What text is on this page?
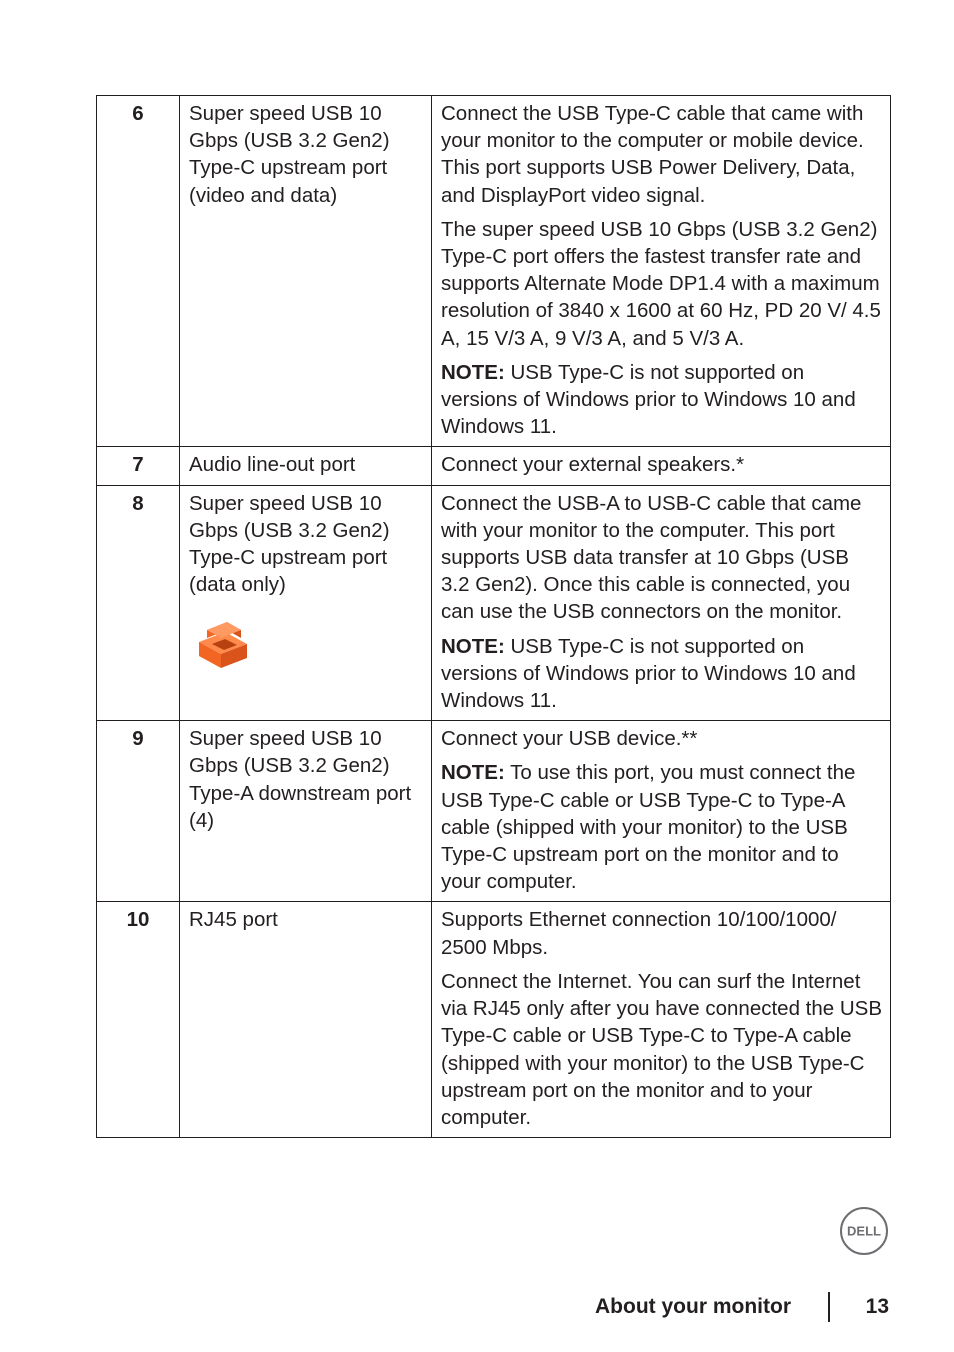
6	Super speed USB 10 Gbps (USB 3.2 Gen2) Type-C upstream port (video and data)	Connect the USB Type-C cable that came with your monitor to the computer or mobile device. This port supports USB Power Delivery, Data, and DisplayPort video signal.

The super speed USB 10 Gbps (USB 3.2 Gen2) Type-C port offers the fastest transfer rate and supports Alternate Mode DP1.4 with a maximum resolution of 3840 x 1600 at 60 Hz, PD 20 V/ 4.5 A, 15 V/3 A, 9 V/3 A, and 5 V/3 A.

NOTE: USB Type-C is not supported on versions of Windows prior to Windows 10 and Windows 11.

7	Audio line-out port	Connect your external speakers.*

8	Super speed USB 10 Gbps (USB 3.2 Gen2) Type-C upstream port (data only)	Connect the USB-A to USB-C cable that came with your monitor to the computer. This port supports USB data transfer at 10 Gbps (USB 3.2 Gen2). Once this cable is connected, you can use the USB connectors on the monitor.

NOTE: USB Type-C is not supported on versions of Windows prior to Windows 10 and Windows 11.

9	Super speed USB 10 Gbps (USB 3.2 Gen2) Type-A downstream port (4)	Connect your USB device.**

NOTE: To use this port, you must connect the USB Type-C cable or USB Type-C to Type-A cable (shipped with your monitor) to the USB Type-C upstream port on the monitor and to your computer.

10	RJ45 port	Supports Ethernet connection 10/100/1000/ 2500 Mbps.

Connect the Internet. You can surf the Internet via RJ45 only after you have connected the USB Type-C cable or USB Type-C to Type-A cable (shipped with your monitor) to the USB Type-C upstream port on the monitor and to your computer.

DELL
About your monitor	13
